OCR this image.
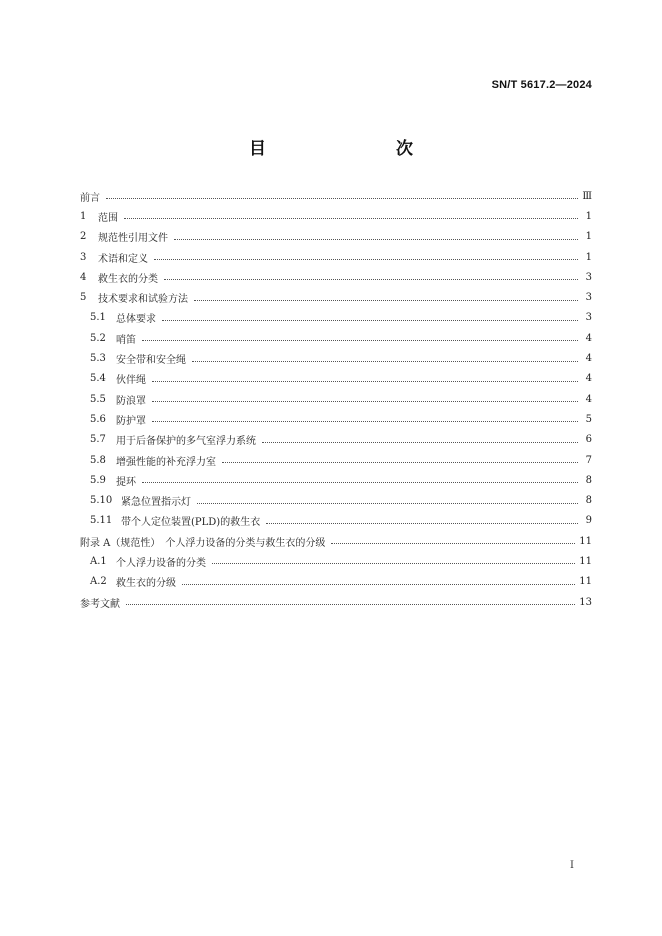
SN/T 5617.2—2024
目　　次
前言	Ⅲ
1	范围	1
2	规范性引用文件	1
3	术语和定义	1
4	救生衣的分类	3
5	技术要求和试验方法	3
5.1	总体要求	3
5.2	哨笛	4
5.3	安全带和安全绳	4
5.4	伙伴绳	4
5.5	防浪罩	4
5.6	防护罩	5
5.7	用于后备保护的多气室浮力系统	6
5.8	增强性能的补充浮力室	7
5.9	提环	8
5.10 紧急位置指示灯	8
5.11 带个人定位装置(PLD)的救生衣	9
附录 A（规范性）　个人浮力设备的分类与救生衣的分级	11
A.1 个人浮力设备的分类	11
A.2 救生衣的分级	11
参考文献	13
Ⅰ
